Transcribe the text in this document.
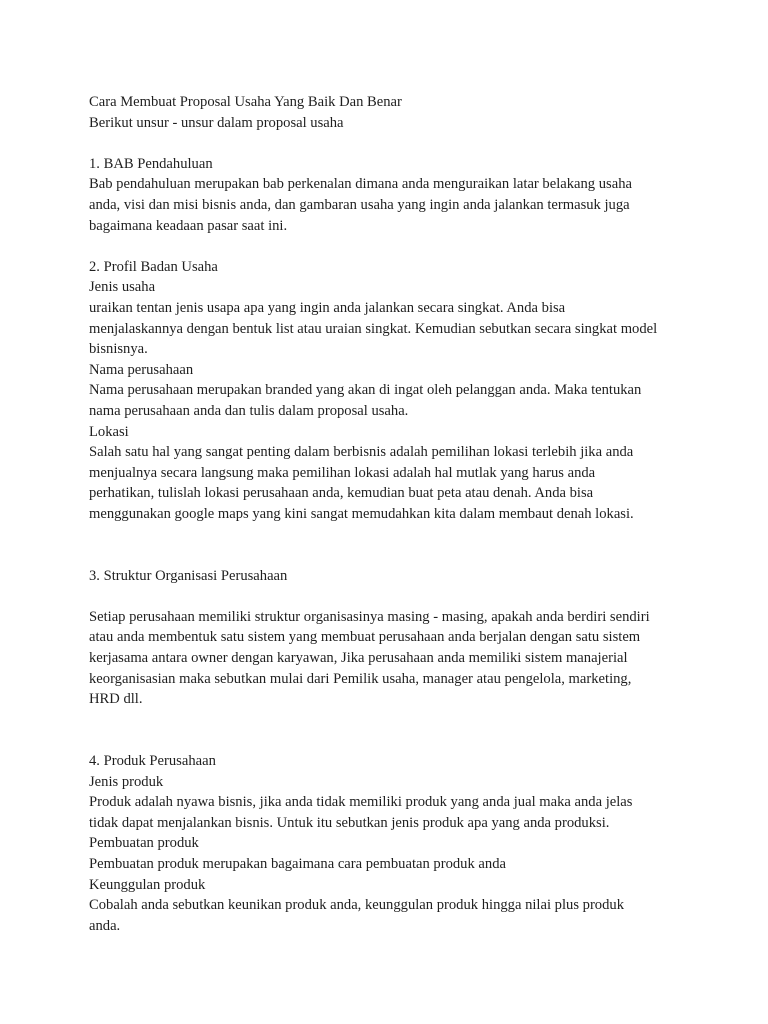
Cara Membuat Proposal Usaha Yang Baik Dan Benar
Berikut unsur - unsur dalam proposal usaha
1. BAB Pendahuluan
Bab pendahuluan merupakan bab perkenalan dimana anda menguraikan latar belakang usaha
anda, visi dan misi bisnis anda, dan gambaran usaha yang ingin anda jalankan termasuk juga
bagaimana keadaan pasar saat ini.
2. Profil Badan Usaha
Jenis usaha
uraikan tentan jenis usapa apa yang ingin anda jalankan secara singkat. Anda bisa
menjalaskannya dengan bentuk list atau uraian singkat. Kemudian sebutkan secara singkat model
bisnisnya.
Nama perusahaan
Nama perusahaan merupakan branded yang akan di ingat oleh pelanggan anda. Maka tentukan
nama perusahaan anda dan tulis dalam proposal usaha.
Lokasi
Salah satu hal yang sangat penting dalam berbisnis adalah pemilihan lokasi terlebih jika anda
menjualnya secara langsung maka pemilihan lokasi adalah hal mutlak yang harus anda
perhatikan, tulislah lokasi perusahaan anda, kemudian buat peta atau denah. Anda bisa
menggunakan google maps yang kini sangat memudahkan kita dalam membaut denah lokasi.
3. Struktur Organisasi Perusahaan
Setiap perusahaan memiliki struktur organisasinya masing - masing, apakah anda berdiri sendiri
atau anda membentuk satu sistem yang membuat perusahaan anda berjalan dengan satu sistem
kerjasama antara owner dengan karyawan, Jika perusahaan anda memiliki sistem manajerial
keorganisasian maka sebutkan mulai dari Pemilik usaha, manager atau pengelola, marketing,
HRD dll.
4. Produk Perusahaan
Jenis produk
Produk adalah nyawa bisnis, jika anda tidak memiliki produk yang anda jual maka anda jelas
tidak dapat menjalankan bisnis. Untuk itu sebutkan jenis produk apa yang anda produksi.
Pembuatan produk
Pembuatan produk merupakan bagaimana cara pembuatan produk anda
Keunggulan produk
Cobalah anda sebutkan keunikan produk anda, keunggulan produk hingga nilai plus produk
anda.
